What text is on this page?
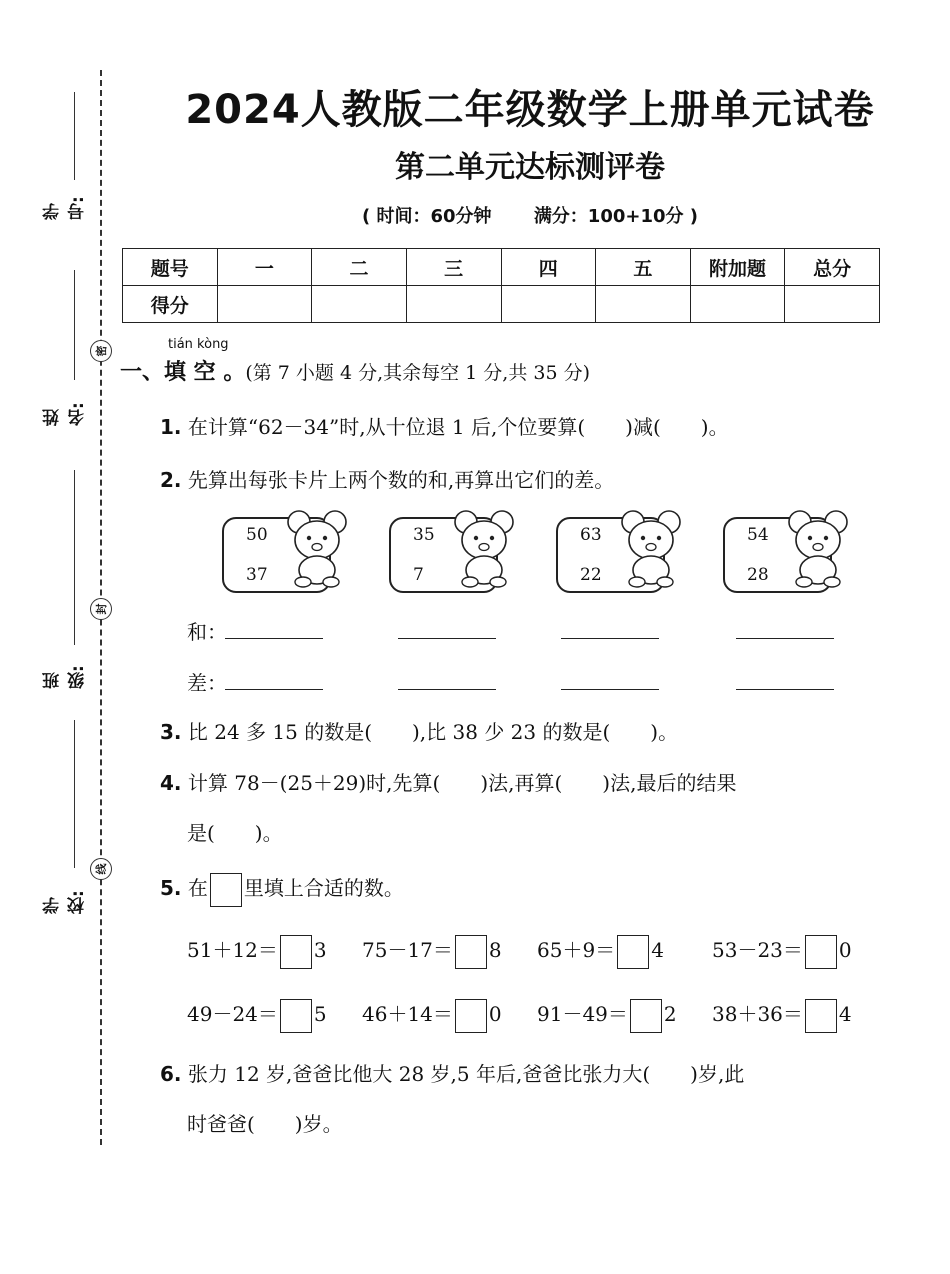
学号:
姓名:
班级:
学校:
密
封
线
2024人教版二年级数学上册单元试卷
第二单元达标测评卷
( 时间：60分钟 满分：100+10分 )
题号	一	二	三	四	五	附加题	总分
得分							
tián kòng
一、填 空 。(第 7 小题 4 分,其余每空 1 分,共 35 分)
1. 在计算“62－34”时,从十位退 1 后,个位要算(　　)减(　　)。
2. 先算出每张卡片上两个数的和,再算出它们的差。
50
37
35
7
63
22
54
28
和：
差：
3. 比 24 多 15 的数是(　　),比 38 少 23 的数是(　　)。
4. 计算 78－(25＋29)时,先算(　　)法,再算(　　)法,最后的结果
是(　　)。
5. 在 里填上合适的数。
51＋12＝ 3 75－17＝ 8 65＋9＝ 4 53－23＝ 0
49－24＝ 5 46＋14＝ 0 91－49＝ 2 38＋36＝ 4
6. 张力 12 岁,爸爸比他大 28 岁,5 年后,爸爸比张力大(　　)岁,此
时爸爸(　　)岁。
